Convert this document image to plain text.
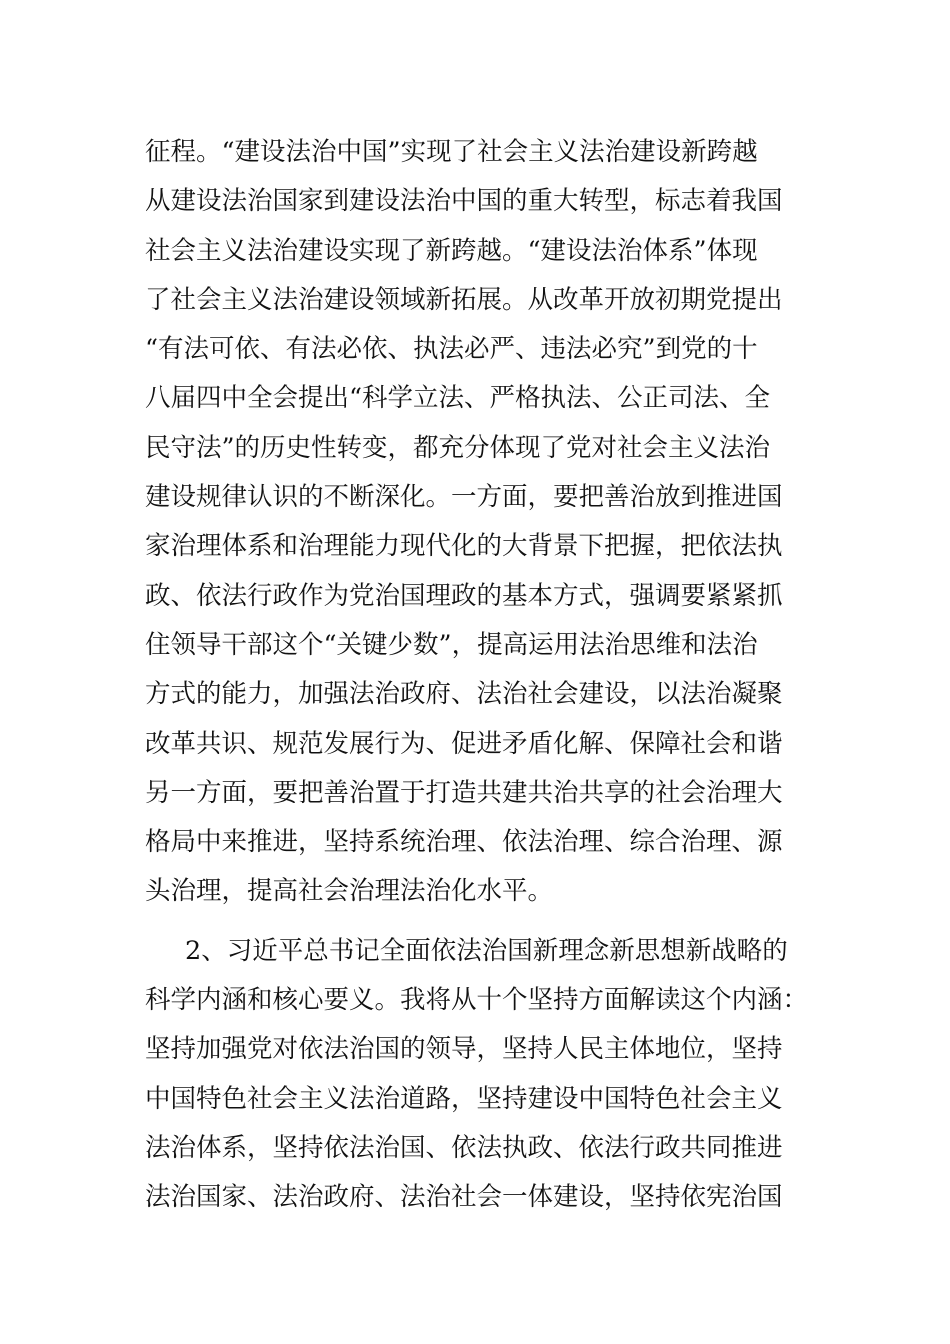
征程。“建设法治中国”实现了社会主义法治建设新跨越
从建设法治国家到建设法治中国的重大转型，标志着我国
社会主义法治建设实现了新跨越。“建设法治体系”体现
了社会主义法治建设领域新拓展。从改革开放初期党提出
“有法可依、有法必依、执法必严、违法必究”到党的十
八届四中全会提出“科学立法、严格执法、公正司法、全
民守法”的历史性转变，都充分体现了党对社会主义法治
建设规律认识的不断深化。一方面，要把善治放到推进国
家治理体系和治理能力现代化的大背景下把握，把依法执
政、依法行政作为党治国理政的基本方式，强调要紧紧抓
住领导干部这个“关键少数”，提高运用法治思维和法治
方式的能力，加强法治政府、法治社会建设，以法治凝聚
改革共识、规范发展行为、促进矛盾化解、保障社会和谐
另一方面，要把善治置于打造共建共治共享的社会治理大
格局中来推进，坚持系统治理、依法治理、综合治理、源
头治理，提高社会治理法治化水平。
2、习近平总书记全面依法治国新理念新思想新战略的
科学内涵和核心要义。我将从十个坚持方面解读这个内涵：
坚持加强党对依法治国的领导，坚持人民主体地位，坚持
中国特色社会主义法治道路，坚持建设中国特色社会主义
法治体系，坚持依法治国、依法执政、依法行政共同推进
法治国家、法治政府、法治社会一体建设，坚持依宪治国
